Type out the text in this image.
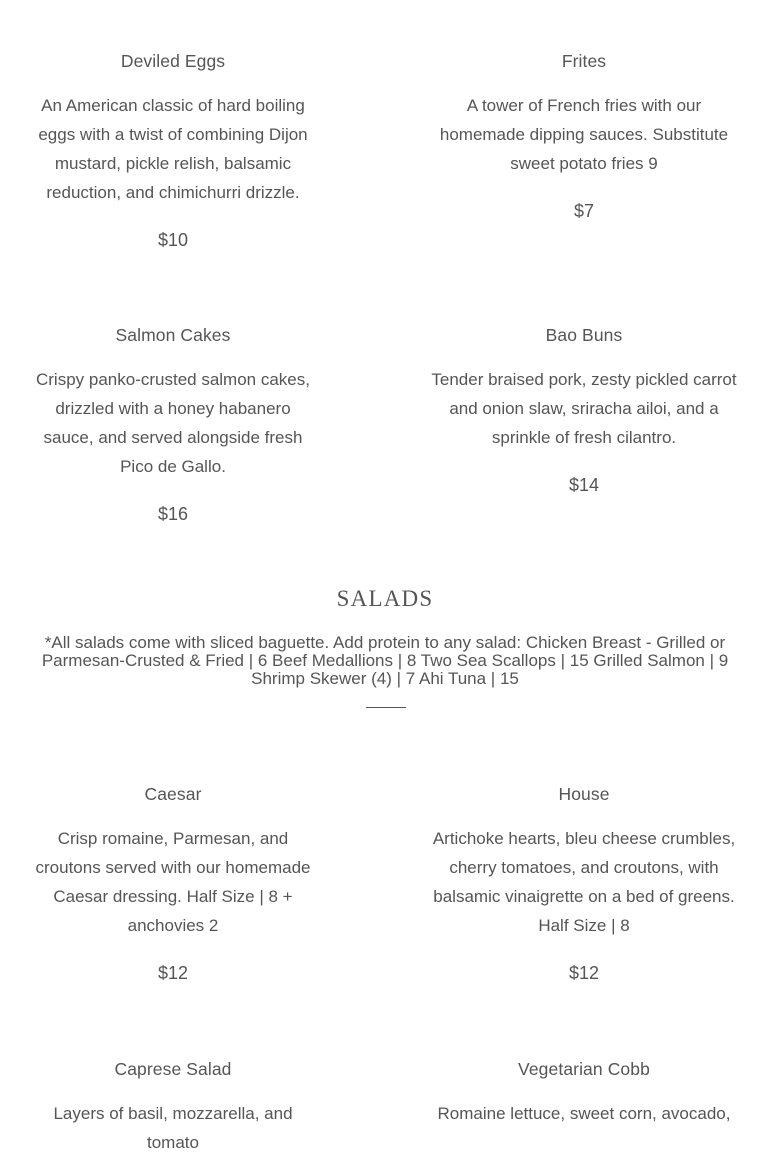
Deviled Eggs

An American classic of hard boiling eggs with a twist of combining Dijon mustard, pickle relish, balsamic reduction, and chimichurri drizzle.

$10

Frites

A tower of French fries with our homemade dipping sauces. Substitute sweet potato fries 9

$7

Salmon Cakes

Crispy panko-crusted salmon cakes, drizzled with a honey habanero sauce, and served alongside fresh Pico de Gallo.

$16

Bao Buns

Tender braised pork, zesty pickled carrot and onion slaw, sriracha ailoi, and a sprinkle of fresh cilantro.

$14

SALADS
*All salads come with sliced baguette. Add protein to any salad: Chicken Breast - Grilled or Parmesan-Crusted & Fried | 6 Beef Medallions | 8 Two Sea Scallops | 15 Grilled Salmon | 9 Shrimp Skewer (4) | 7 Ahi Tuna | 15
Caesar

Crisp romaine, Parmesan, and croutons served with our homemade Caesar dressing. Half Size | 8 + anchovies 2

$12

House

Artichoke hearts, bleu cheese crumbles, cherry tomatoes, and croutons, with balsamic vinaigrette on a bed of greens. Half Size | 8

$12

Caprese Salad

Layers of basil, mozzarella, and tomato

Vegetarian Cobb

Romaine lettuce, sweet corn, avocado,
